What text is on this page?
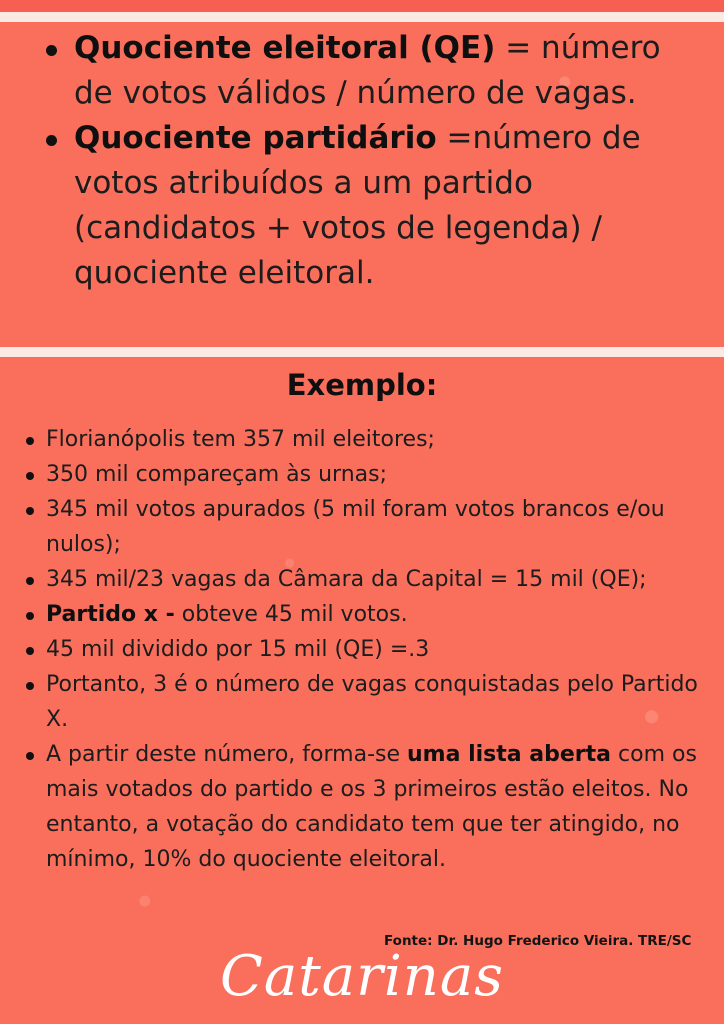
Quociente eleitoral (QE) = número de votos válidos / número de vagas.
Quociente partidário =número de votos atribuídos a um partido (candidatos + votos de legenda) / quociente eleitoral.
Exemplo:
Florianópolis tem 357 mil eleitores;
350 mil compareçam às urnas;
345 mil votos apurados (5 mil foram votos brancos e/ou nulos);
345 mil/23 vagas da Câmara da Capital = 15 mil (QE);
Partido x - obteve 45 mil votos.
45 mil dividido por 15 mil (QE) =.3
Portanto, 3 é o número de vagas conquistadas pelo Partido X.
A partir deste número, forma-se uma lista aberta com os mais votados do partido e os 3 primeiros estão eleitos. No entanto, a votação do candidato tem que ter atingido, no mínimo, 10% do quociente eleitoral.
Fonte: Dr. Hugo Frederico Vieira. TRE/SC
Catarinas
